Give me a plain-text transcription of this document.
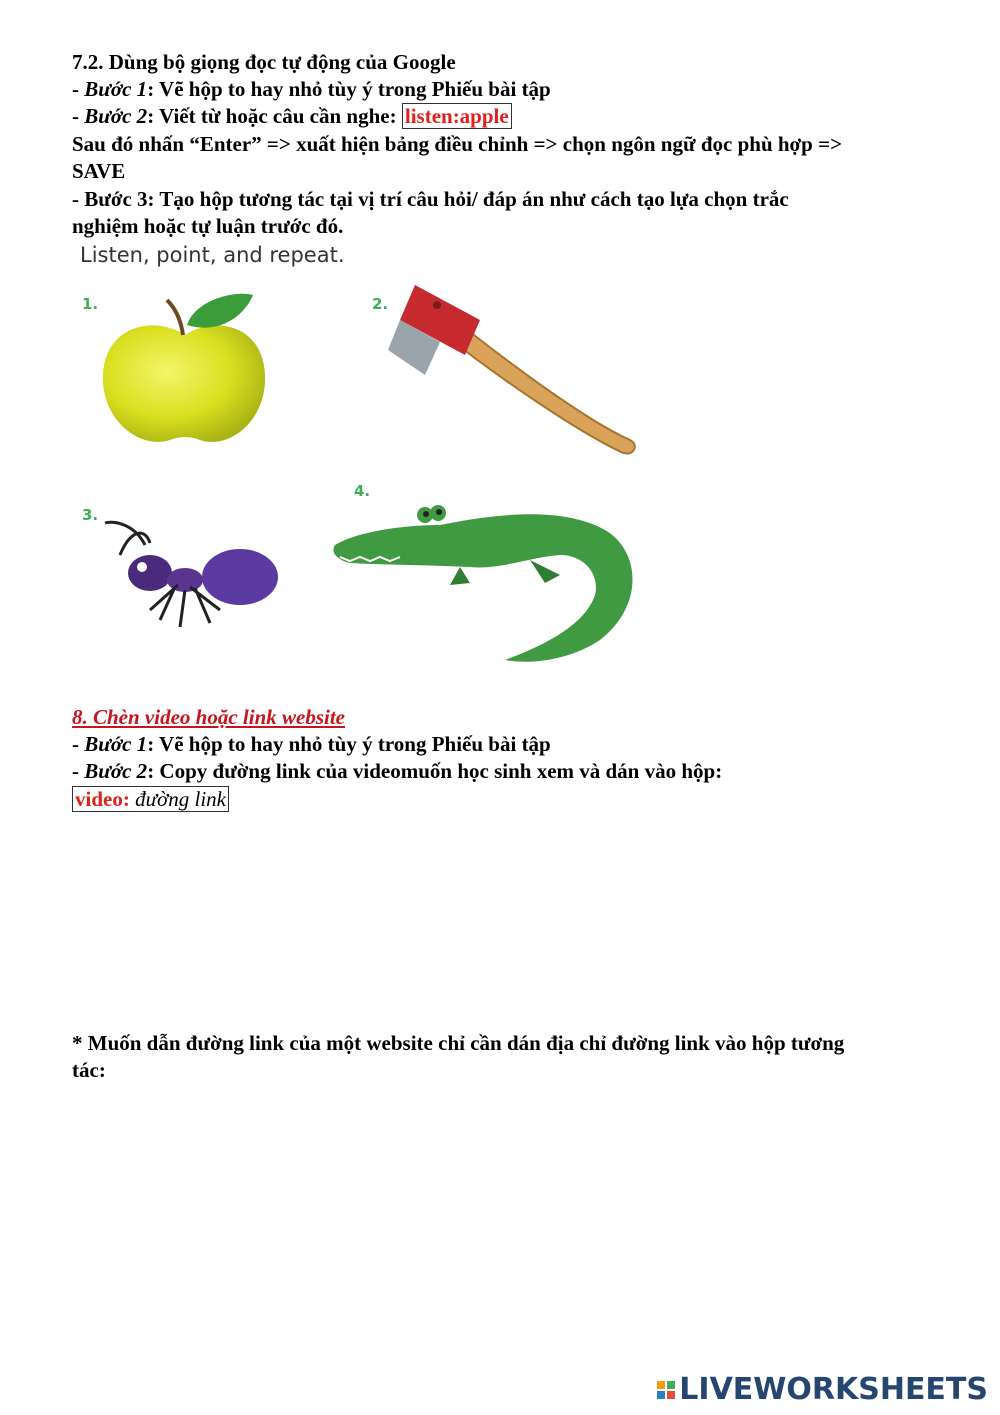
7.2. Dùng bộ giọng đọc tự động của Google
- Bước 1: Vẽ hộp to hay nhỏ tùy ý trong Phiếu bài tập
- Bước 2: Viết từ hoặc câu cần nghe: listen:apple
Sau đó nhấn “Enter” => xuất hiện bảng điều chỉnh => chọn ngôn ngữ đọc phù hợp =>
SAVE
- Bước 3: Tạo hộp tương tác tại vị trí câu hỏi/ đáp án như cách tạo lựa chọn trắc
nghiệm hoặc tự luận trước đó.
Listen, point, and repeat.
1.	2.
3.
4.
8. Chèn video hoặc link website
- Bước 1: Vẽ hộp to hay nhỏ tùy ý trong Phiếu bài tập
- Bước 2: Copy đường link của videomuốn học sinh xem và dán vào hộp:
video: đường link
* Muốn dẫn đường link của một website chỉ cần dán địa chỉ đường link vào hộp tương
tác:
LIVEWORKSHEETS
